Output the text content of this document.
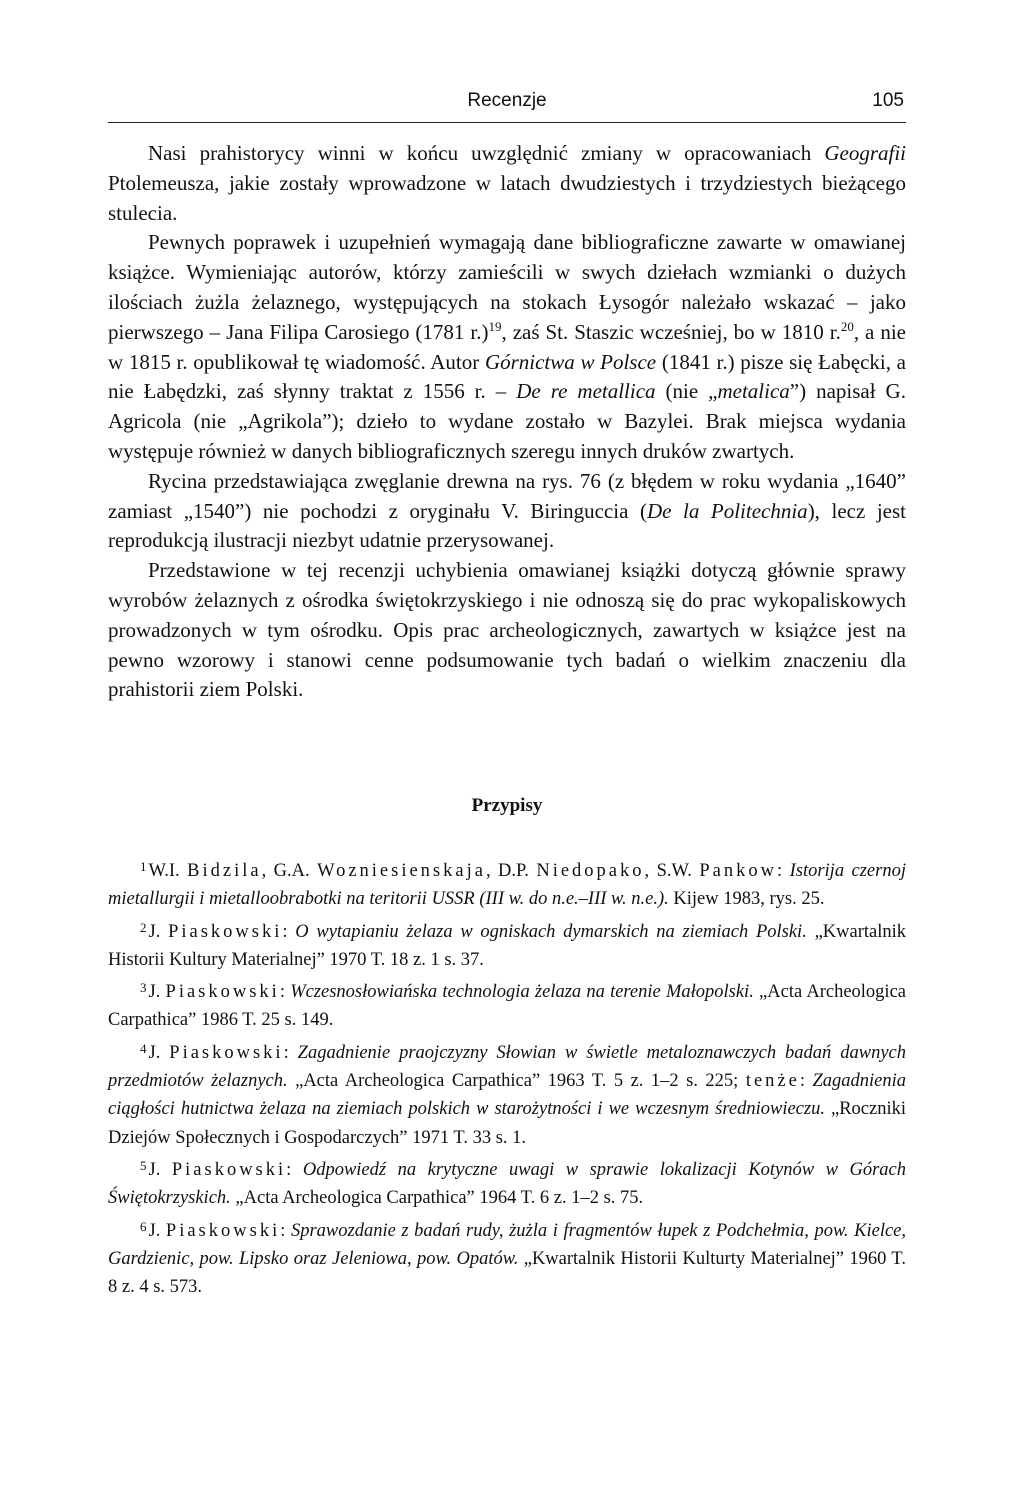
Recenzje	105

Nasi prahistorycy winni w końcu uwzględnić zmiany w opracowaniach Geografii Ptolemeusza, jakie zostały wprowadzone w latach dwudziestych i trzydziestych bieżącego stulecia.

Pewnych poprawek i uzupełnień wymagają dane bibliograficzne zawarte w omawianej książce. Wymieniając autorów, którzy zamieścili w swych dziełach wzmianki o dużych ilościach żużla żelaznego, występujących na stokach Łysogór należało wskazać – jako pierwszego – Jana Filipa Carosiego (1781 r.)$^{19}$, zaś St. Staszic wcześniej, bo w 1810 r.$^{20}$, a nie w 1815 r. opublikował tę wiadomość. Autor Górnictwa w Polsce (1841 r.) pisze się Łabęcki, a nie Łabędzki, zaś słynny traktat z 1556 r. – De re metallica (nie „metalica”) napisał G. Agricola (nie „Agrikola”); dzieło to wydane zostało w Bazylei. Brak miejsca wydania występuje również w danych bibliograficznych szeregu innych druków zwartych.

Rycina przedstawiająca zwęglanie drewna na rys. 76 (z błędem w roku wydania „1640” zamiast „1540”) nie pochodzi z oryginału V. Biringuccia (De la Politechnia), lecz jest reprodukcją ilustracji niezbyt udatnie przerysowanej.

Przedstawione w tej recenzji uchybienia omawianej książki dotyczą głównie sprawy wyrobów żelaznych z ośrodka świętokrzyskiego i nie odnoszą się do prac wykopaliskowych prowadzonych w tym ośrodku. Opis prac archeologicznych, zawartych w książce jest na pewno wzorowy i stanowi cenne podsumowanie tych badań o wielkim znaczeniu dla prahistorii ziem Polski.

Przypisy

$^1$ W.I. Bidzila, G.A. Wozniesienskaja, D.P. Niedopako, S.W. Pankow: Istorija czernoj mietallurgii i mietalloobrabotki na teritorii USSR (III w. do n.e.–III w. n.e.). Kijew 1983, rys. 25.

$^2$ J. Piaskowski: O wytapianiu żelaza w ogniskach dymarskich na ziemiach Polski. „Kwartalnik Historii Kultury Materialnej” 1970 T. 18 z. 1 s. 37.

$^3$ J. Piaskowski: Wczesnosłowiańska technologia żelaza na terenie Małopolski. „Acta Archeologica Carpathica” 1986 T. 25 s. 149.

$^4$ J. Piaskowski: Zagadnienie praojczyzny Słowian w świetle metaloznawczych badań dawnych przedmiotów żelaznych. „Acta Archeologica Carpathica” 1963 T. 5 z. 1–2 s. 225; tenże: Zagadnienia ciągłości hutnictwa żelaza na ziemiach polskich w starożytności i we wczesnym średniowieczu. „Roczniki Dziejów Społecznych i Gospodarczych” 1971 T. 33 s. 1.

$^5$ J. Piaskowski: Odpowiedź na krytyczne uwagi w sprawie lokalizacji Kotynów w Górach Świętokrzyskich. „Acta Archeologica Carpathica” 1964 T. 6 z. 1–2 s. 75.

$^6$ J. Piaskowski: Sprawozdanie z badań rudy, żużla i fragmentów łupek z Podchełmia, pow. Kielce, Gardzienic, pow. Lipsko oraz Jeleniowa, pow. Opatów. „Kwartalnik Historii Kulturty Materialnej” 1960 T. 8 z. 4 s. 573.
